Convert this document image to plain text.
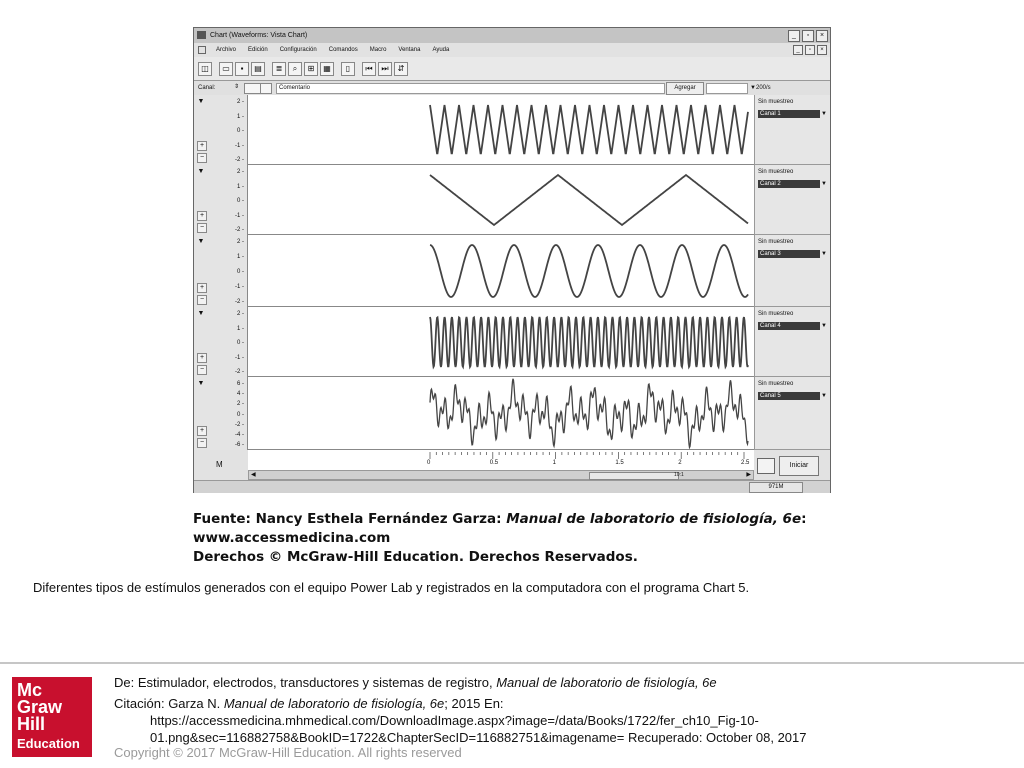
Chart (Waveforms: Vista Chart)	_	▫	×
Archivo	Edición	Configuración	Comandos	Macro	Ventana	Ayuda	_	▫	×
◫	▭	▪	▤	≣	⌕	⊞	▦	▯	⏮	⏭	⇵
Canal:	⇕	Comentario	Agregar	▼ 200/s
▼	2 -
1 -
0 -
-1 -
-2 -
+
−
Sin muestreo
Canal 1	▼
▼	2 -
1 -
0 -
-1 -
-2 -
+
−
Sin muestreo
Canal 2	▼
▼	2 -
1 -
0 -
-1 -
-2 -
+
−
Sin muestreo
Canal 3	▼
▼	2 -
1 -
0 -
-1 -
-2 -
+
−
Sin muestreo
Canal 4	▼
▼	6 -
4 -
2 -
0 -
-2 -
-4 -
-6 -
+
−
Sin muestreo
Canal 5	▼
M	0	0.5	1	1.5	2	2.5
◀	▶
10:1
Iniciar
971M
Fuente: Nancy Esthela Fernández Garza: Manual de laboratorio de fisiología, 6e:
www.accessmedicina.com
Derechos © McGraw-Hill Education. Derechos Reservados.
Diferentes tipos de estímulos generados con el equipo Power Lab y registrados en la computadora con el programa Chart 5.
Mc
Graw
Hill
Education
De: Estimulador, electrodos, transductores y sistemas de registro, Manual de laboratorio de fisiología, 6e
Citación: Garza N. Manual de laboratorio de fisiología, 6e; 2015 En:
https://accessmedicina.mhmedical.com/DownloadImage.aspx?image=/data/Books/1722/fer_ch10_Fig-10-
01.png&sec=116882758&BookID=1722&ChapterSecID=116882751&imagename= Recuperado: October 08, 2017
Copyright © 2017 McGraw-Hill Education. All rights reserved
